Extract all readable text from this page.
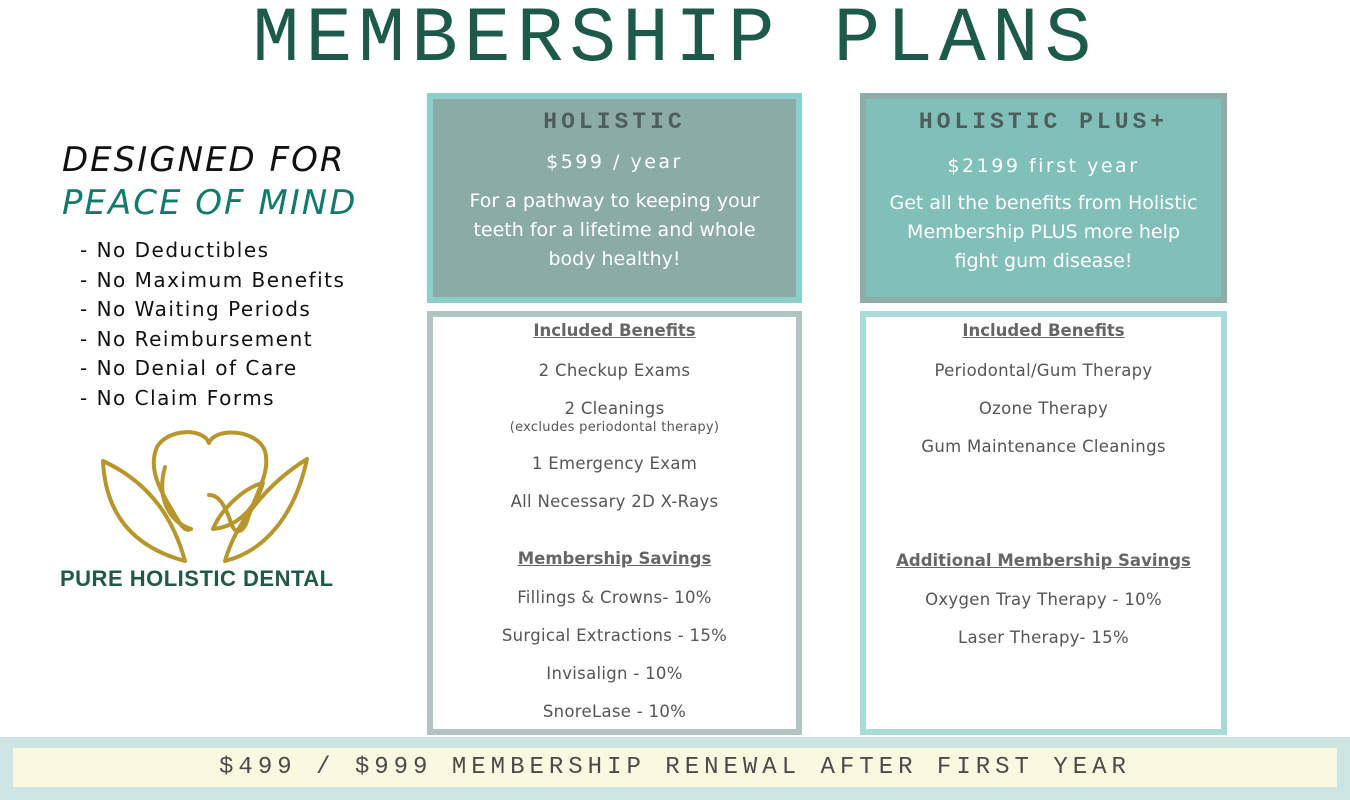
MEMBERSHIP PLANS

DESIGNED FOR

PEACE OF MIND

- No Deductibles
- No Maximum Benefits
- No Waiting Periods
- No Reimbursement
- No Denial of Care
- No Claim Forms

PURE HOLISTIC DENTAL

HOLISTIC
$599 / year
For a pathway to keeping your teeth for a lifetime and whole body healthy!
HOLISTIC PLUS+
$2199 first year
Get all the benefits from Holistic Membership PLUS more help fight gum disease!
Included Benefits
2 Checkup Exams
2 Cleanings
(excludes periodontal therapy)
1 Emergency Exam
All Necessary 2D X-Rays
Membership Savings
Fillings & Crowns- 10%
Surgical Extractions - 15%
Invisalign - 10%
SnoreLase - 10%
Included Benefits
Periodontal/Gum Therapy
Ozone Therapy
Gum Maintenance Cleanings
Additional Membership Savings
Oxygen Tray Therapy - 10%
Laser Therapy- 15%
$499 / $999 MEMBERSHIP RENEWAL AFTER FIRST YEAR
